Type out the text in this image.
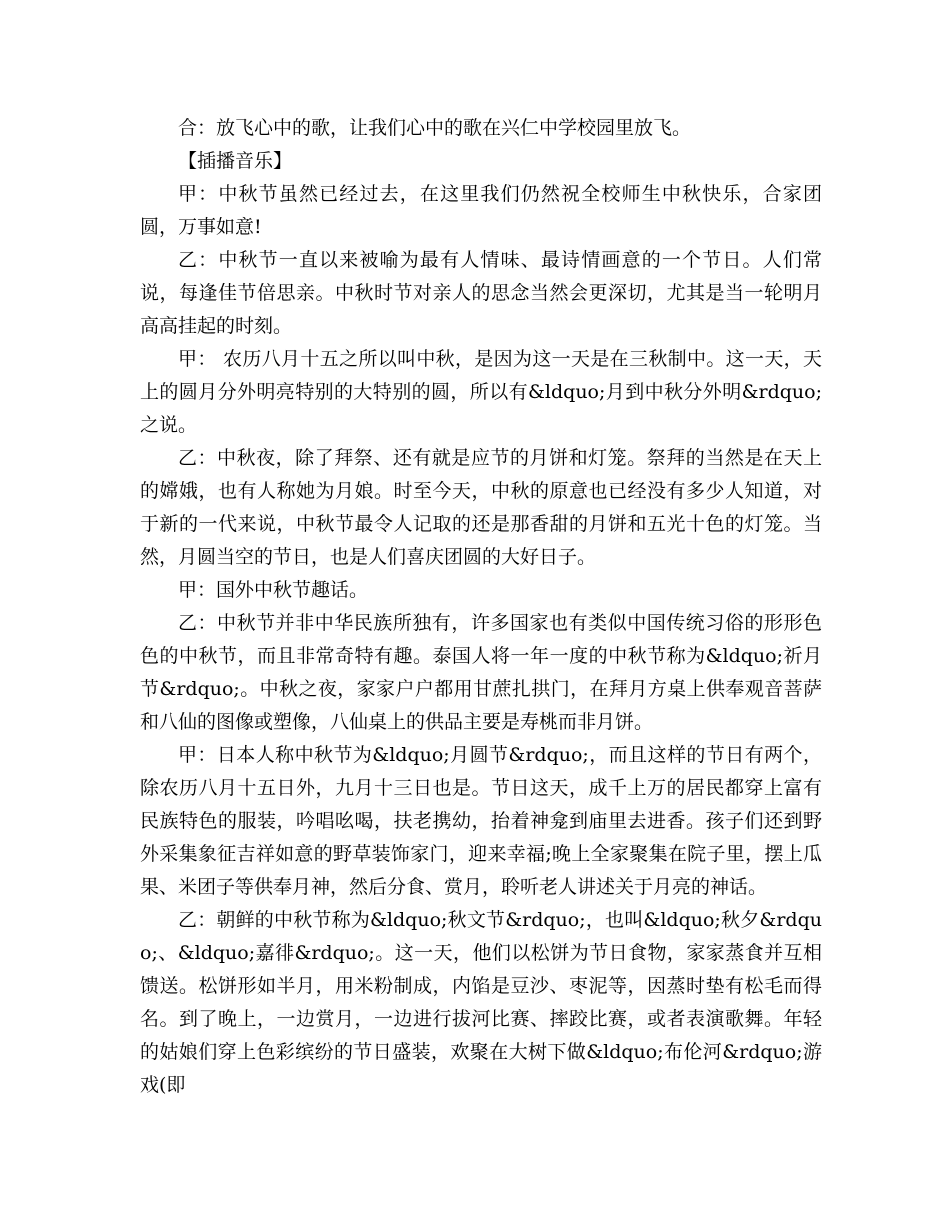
合：放飞心中的歌，让我们心中的歌在兴仁中学校园里放飞。

【插播音乐】

甲：中秋节虽然已经过去，在这里我们仍然祝全校师生中秋快乐，合家团圆，万事如意!

乙：中秋节一直以来被喻为最有人情味、最诗情画意的一个节日。人们常说，每逢佳节倍思亲。中秋时节对亲人的思念当然会更深切，尤其是当一轮明月高高挂起的时刻。

甲： 农历八月十五之所以叫中秋，是因为这一天是在三秋制中。这一天，天上的圆月分外明亮特别的大特别的圆，所以有&ldquo;月到中秋分外明&rdquo;之说。

乙：中秋夜，除了拜祭、还有就是应节的月饼和灯笼。祭拜的当然是在天上的嫦娥，也有人称她为月娘。时至今天，中秋的原意也已经没有多少人知道，对于新的一代来说，中秋节最令人记取的还是那香甜的月饼和五光十色的灯笼。当然，月圆当空的节日，也是人们喜庆团圆的大好日子。

甲：国外中秋节趣话。

乙：中秋节并非中华民族所独有，许多国家也有类似中国传统习俗的形形色色的中秋节，而且非常奇特有趣。泰国人将一年一度的中秋节称为&ldquo;祈月节&rdquo;。中秋之夜，家家户户都用甘蔗扎拱门，在拜月方桌上供奉观音菩萨和八仙的图像或塑像，八仙桌上的供品主要是寿桃而非月饼。

甲：日本人称中秋节为&ldquo;月圆节&rdquo;，而且这样的节日有两个，除农历八月十五日外，九月十三日也是。节日这天，成千上万的居民都穿上富有民族特色的服装，吟唱吆喝，扶老携幼，抬着神龛到庙里去进香。孩子们还到野外采集象征吉祥如意的野草装饰家门，迎来幸福;晚上全家聚集在院子里，摆上瓜果、米团子等供奉月神，然后分食、赏月，聆听老人讲述关于月亮的神话。

乙：朝鲜的中秋节称为&ldquo;秋文节&rdquo;，也叫&ldquo;秋夕&rdquo;、&ldquo;嘉徘&rdquo;。这一天，他们以松饼为节日食物，家家蒸食并互相馈送。松饼形如半月，用米粉制成，内馅是豆沙、枣泥等，因蒸时垫有松毛而得名。到了晚上，一边赏月，一边进行拔河比赛、摔跤比赛，或者表演歌舞。年轻的姑娘们穿上色彩缤纷的节日盛装，欢聚在大树下做&ldquo;布伦河&rdquo;游戏(即
